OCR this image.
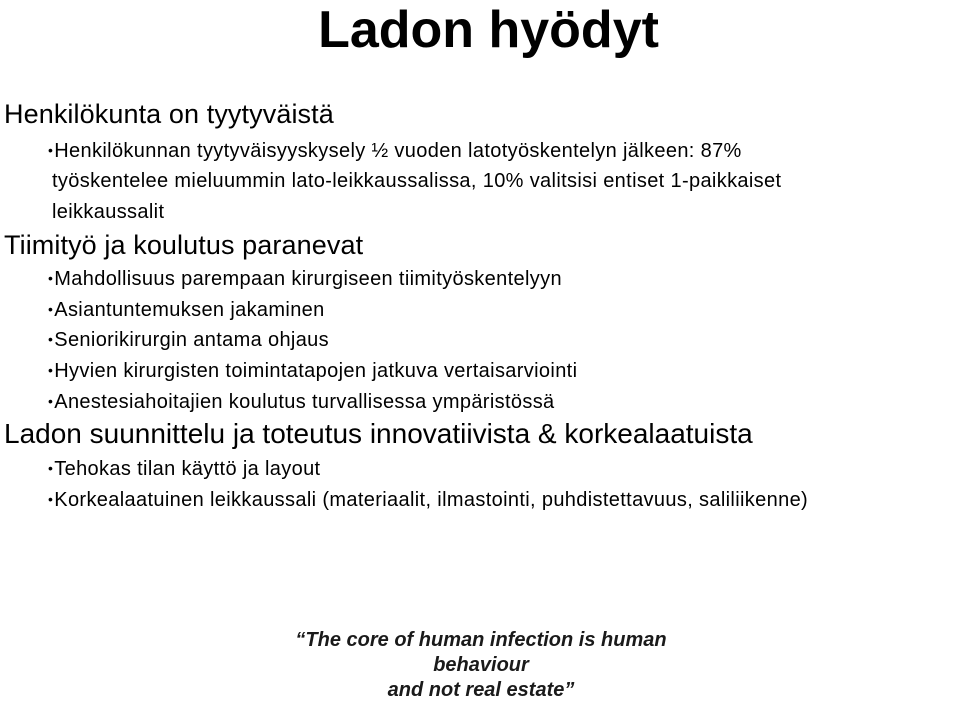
Ladon hyödyt
Henkilökunta on tyytyväistä
•Henkilökunnan tyytyväisyyskysely ½ vuoden latotyöskentelyn jälkeen: 87%
työskentelee mieluummin lato-leikkaussalissa, 10% valitsisi entiset 1-paikkaiset
leikkaussalit
Tiimityö ja koulutus paranevat
•Mahdollisuus parempaan kirurgiseen tiimityöskentelyyn
•Asiantuntemuksen jakaminen
•Seniorikirurgin antama ohjaus
•Hyvien kirurgisten toimintatapojen jatkuva vertaisarviointi
•Anestesiahoitajien koulutus turvallisessa ympäristössä
Ladon suunnittelu ja toteutus innovatiivista & korkealaatuista
•Tehokas tilan käyttö ja layout
•Korkealaatuinen leikkaussali (materiaalit, ilmastointi, puhdistettavuus, saliliikenne)
“The core of human infection is human behaviour
and not real estate”
